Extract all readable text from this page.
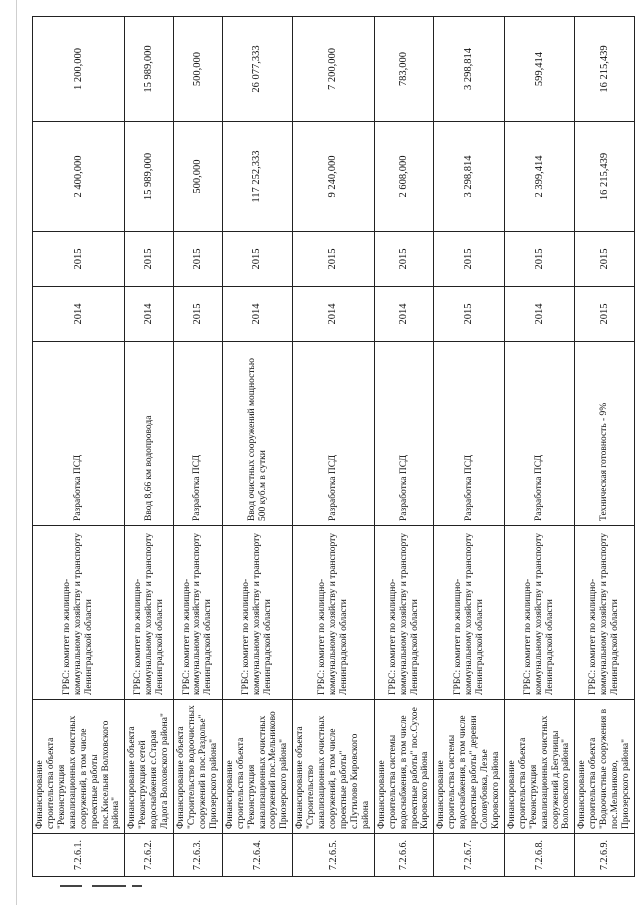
7.2.6.1.	Финансирование строительства объекта "Реконструкция канализационных очистных сооружений, в том числе проектные работы пос.Кисельня Волховского района"	ГРБС: комитет по жилищно-коммунальному хозяйству и транспорту Ленинградской области	Разработка ПСД	2014	2015	2 400,000	1 200,000
7.2.6.2.	Финансирование объекта "Реконструкция сетей водоснабжения с.Старая Ладога Волховского района"	ГРБС: комитет по жилищно-коммунальному хозяйству и транспорту Ленинградской области	Ввод 8,66 км водопровода	2014	2015	15 989,000	15 989,000
7.2.6.3.	Финансирование объекта "Строительство водоочистных сооружений в пос.Раздолье" Приозерского района"	ГРБС: комитет по жилищно-коммунальному хозяйству и транспорту Ленинградской области	Разработка ПСД	2015	2015	500,000	500,000
7.2.6.4.	Финансирование строительства объекта "Реконструкция канализационных очистных сооружений пос.Мельниково Приозерского района"	ГРБС: комитет по жилищно-коммунальному хозяйству и транспорту Ленинградской области	Ввод очистных сооружений мощностью 500 куб.м в сутки	2014	2015	117 252,333	26 077,333
7.2.6.5.	Финансирование объекта "Строительство канализационных очистных сооружений, в том числе проектные работы" с.Путилово Кировского района	ГРБС: комитет по жилищно-коммунальному хозяйству и транспорту Ленинградской области	Разработка ПСД	2014	2015	9 240,000	7 200,000
7.2.6.6.	Финансирование строительства системы водоснабжения, в том числе проектные работы" пос.Сухое Кировского района	ГРБС: комитет по жилищно-коммунальному хозяйству и транспорту Ленинградской области	Разработка ПСД	2014	2015	2 608,000	783,000
7.2.6.7.	Финансирование строительства системы водоснабжения, в том числе проектные работы" деревни Соловубовка, Лезье Кировского района	ГРБС: комитет по жилищно-коммунальному хозяйству и транспорту Ленинградской области	Разработка ПСД	2015	2015	3 298,814	3 298,814
7.2.6.8.	Финансирование строительства объекта "Реконструкция канализационных очистных сооружений д.Бегуницы Волосовского района"	ГРБС: комитет по жилищно-коммунальному хозяйству и транспорту Ленинградской области	Разработка ПСД	2014	2015	2 399,414	599,414
7.2.6.9.	Финансирование строительства объекта "Водоочистные сооружения в пос.Мельниково, Приозерского района"	ГРБС: комитет по жилищно-коммунальному хозяйству и транспорту Ленинградской области	Техническая готовность - 9%	2015	2015	16 215,439	16 215,439
